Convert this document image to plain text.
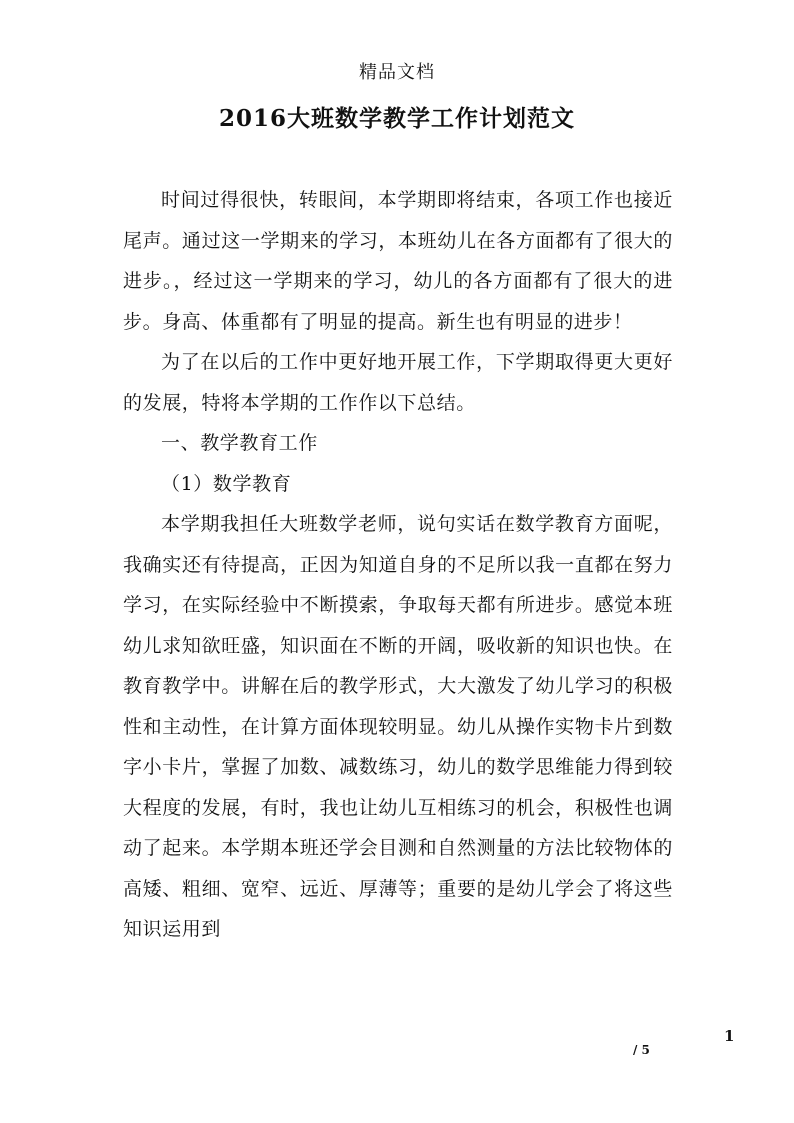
精品文档
2016大班数学教学工作计划范文

时间过得很快，转眼间，本学期即将结束，各项工作也接近尾声。通过这一学期来的学习，本班幼儿在各方面都有了很大的进步。，经过这一学期来的学习，幼儿的各方面都有了很大的进步。身高、体重都有了明显的提高。新生也有明显的进步！

为了在以后的工作中更好地开展工作，下学期取得更大更好的发展，特将本学期的工作作以下总结。

一、教学教育工作

（1）数学教育

本学期我担任大班数学老师，说句实话在数学教育方面呢，我确实还有待提高，正因为知道自身的不足所以我一直都在努力学习，在实际经验中不断摸索，争取每天都有所进步。感觉本班幼儿求知欲旺盛，知识面在不断的开阔，吸收新的知识也快。在教育教学中。讲解在后的教学形式，大大激发了幼儿学习的积极性和主动性，在计算方面体现较明显。幼儿从操作实物卡片到数字小卡片，掌握了加数、减数练习，幼儿的数学思维能力得到较大程度的发展，有时，我也让幼儿互相练习的机会，积极性也调动了起来。本学期本班还学会目测和自然测量的方法比较物体的高矮、粗细、宽窄、远近、厚薄等；重要的是幼儿学会了将这些知识运用到

1
/ 5
